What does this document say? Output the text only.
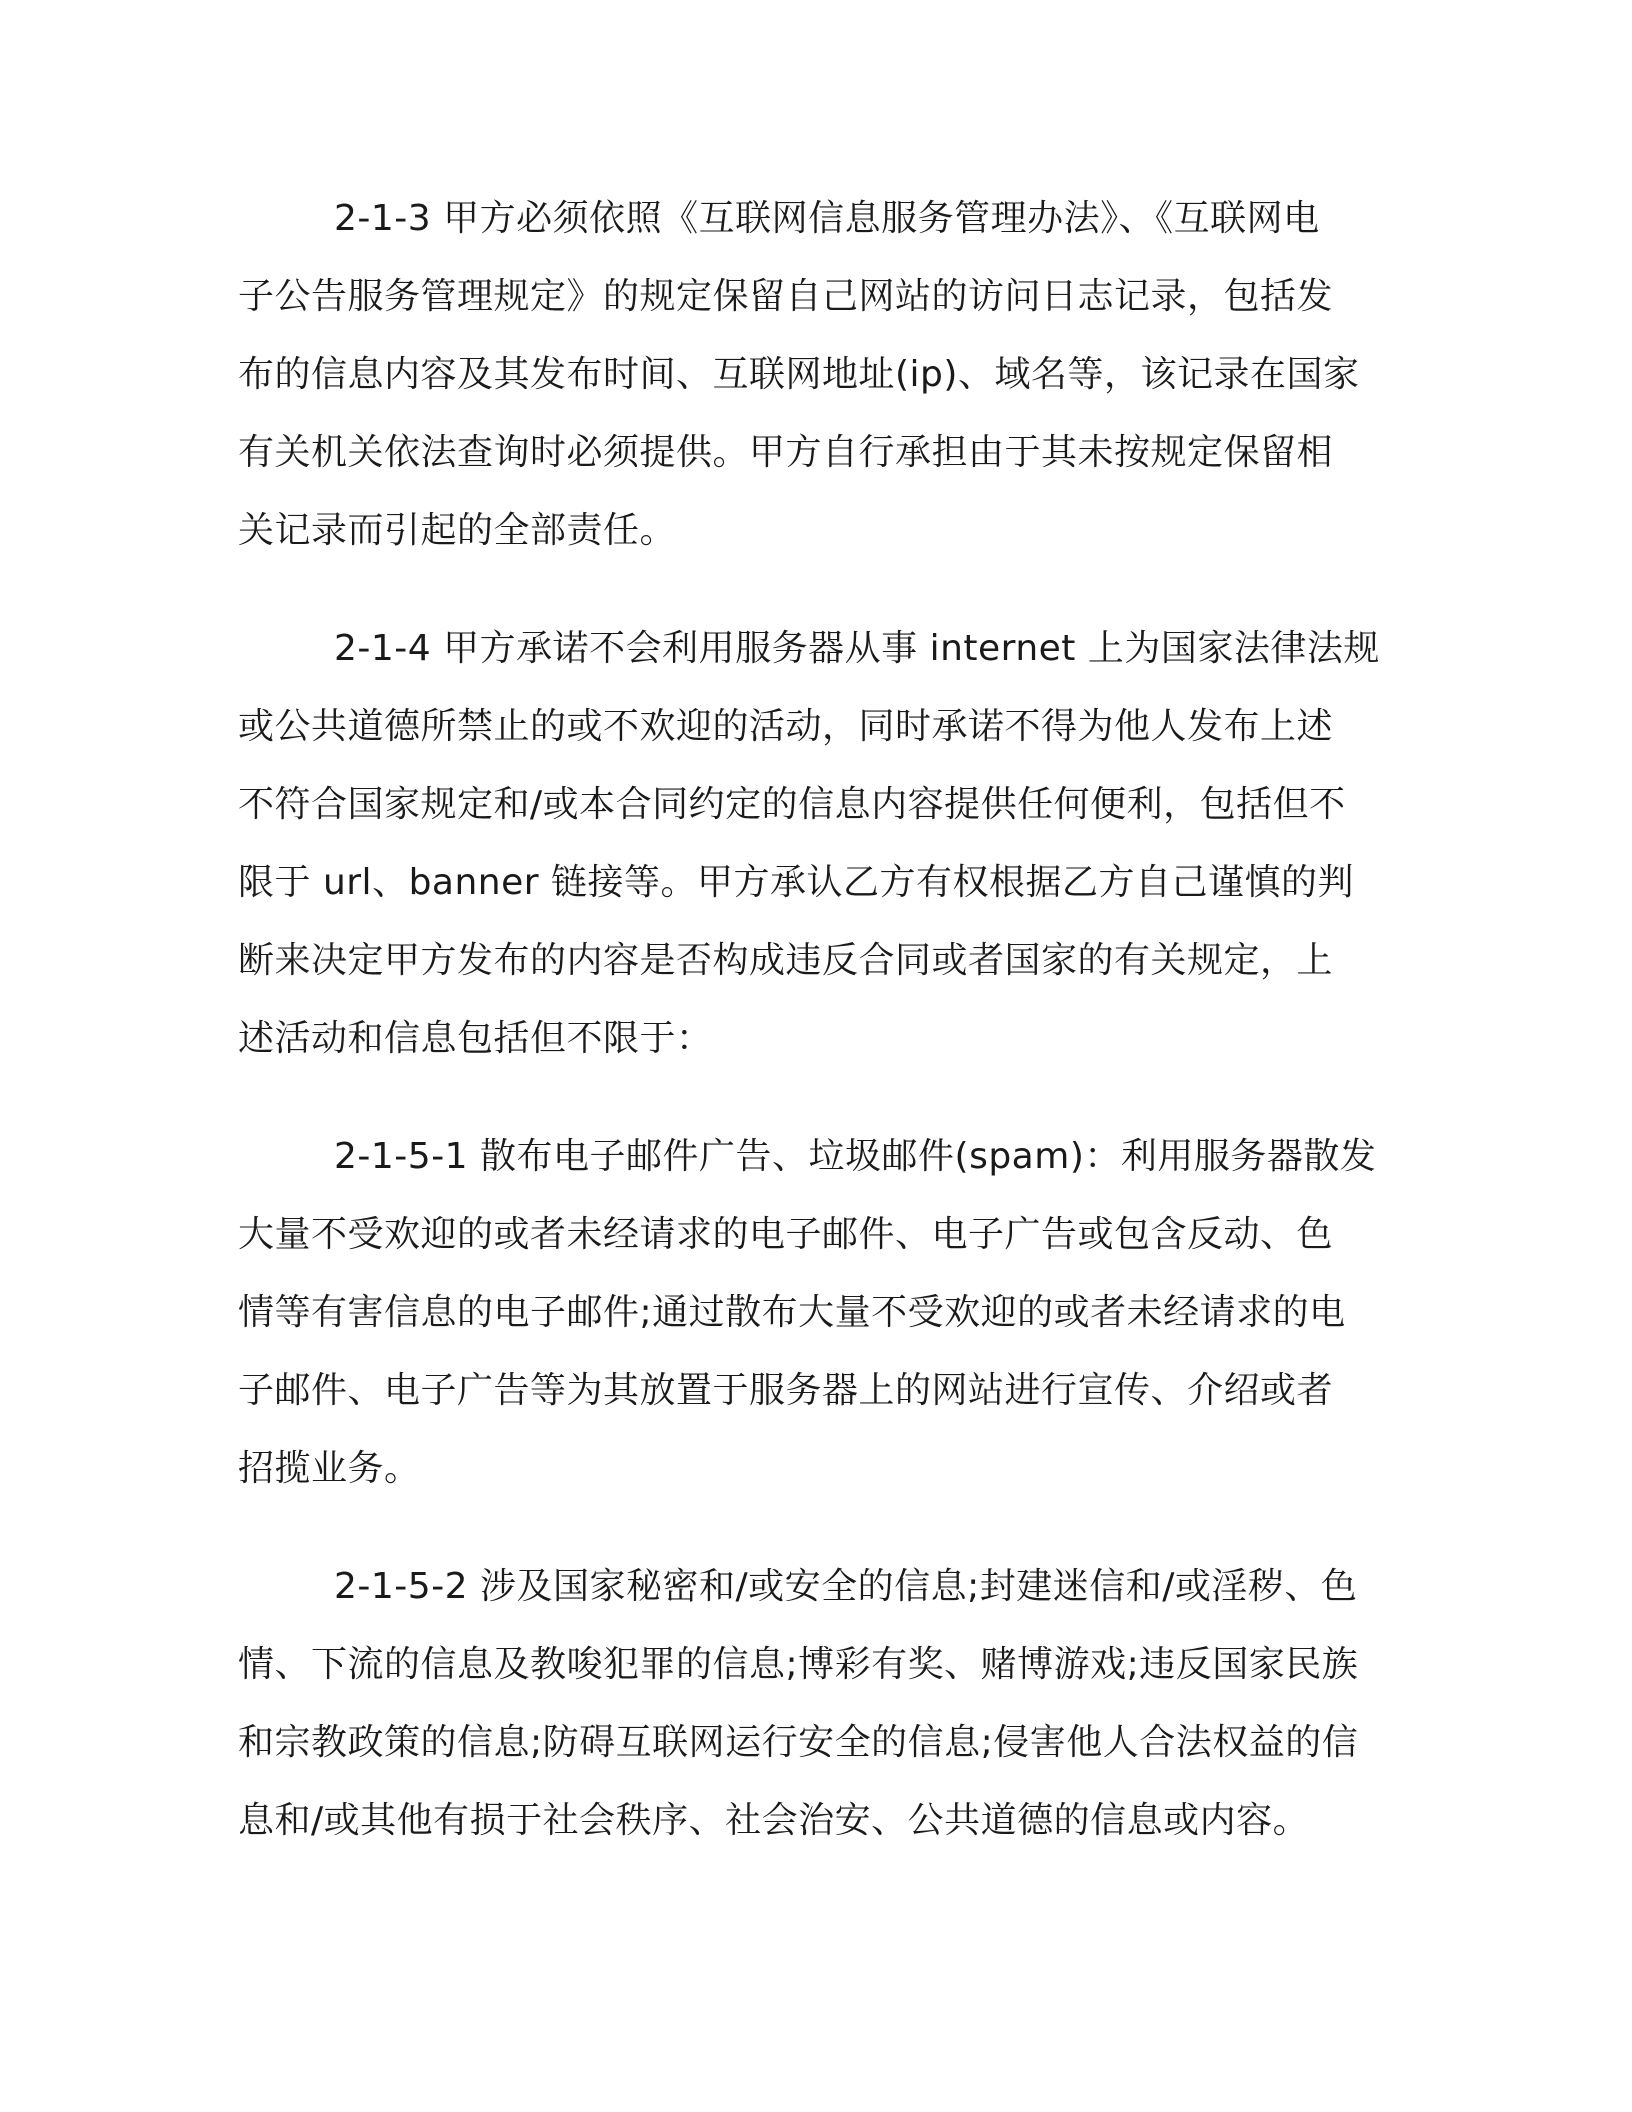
2-1-3 甲方必须依照《互联网信息服务管理办法》、《互联网电
子公告服务管理规定》的规定保留自己网站的访问日志记录，包括发
布的信息内容及其发布时间、互联网地址(ip)、域名等，该记录在国家
有关机关依法查询时必须提供。甲方自行承担由于其未按规定保留相
关记录而引起的全部责任。
2-1-4 甲方承诺不会利用服务器从事 internet 上为国家法律法规
或公共道德所禁止的或不欢迎的活动，同时承诺不得为他人发布上述
不符合国家规定和/或本合同约定的信息内容提供任何便利，包括但不
限于 url、banner 链接等。甲方承认乙方有权根据乙方自己谨慎的判
断来决定甲方发布的内容是否构成违反合同或者国家的有关规定，上
述活动和信息包括但不限于：
2-1-5-1 散布电子邮件广告、垃圾邮件(spam)：利用服务器散发
大量不受欢迎的或者未经请求的电子邮件、电子广告或包含反动、色
情等有害信息的电子邮件;通过散布大量不受欢迎的或者未经请求的电
子邮件、电子广告等为其放置于服务器上的网站进行宣传、介绍或者
招揽业务。
2-1-5-2 涉及国家秘密和/或安全的信息;封建迷信和/或淫秽、色
情、下流的信息及教唆犯罪的信息;博彩有奖、赌博游戏;违反国家民族
和宗教政策的信息;防碍互联网运行安全的信息;侵害他人合法权益的信
息和/或其他有损于社会秩序、社会治安、公共道德的信息或内容。
